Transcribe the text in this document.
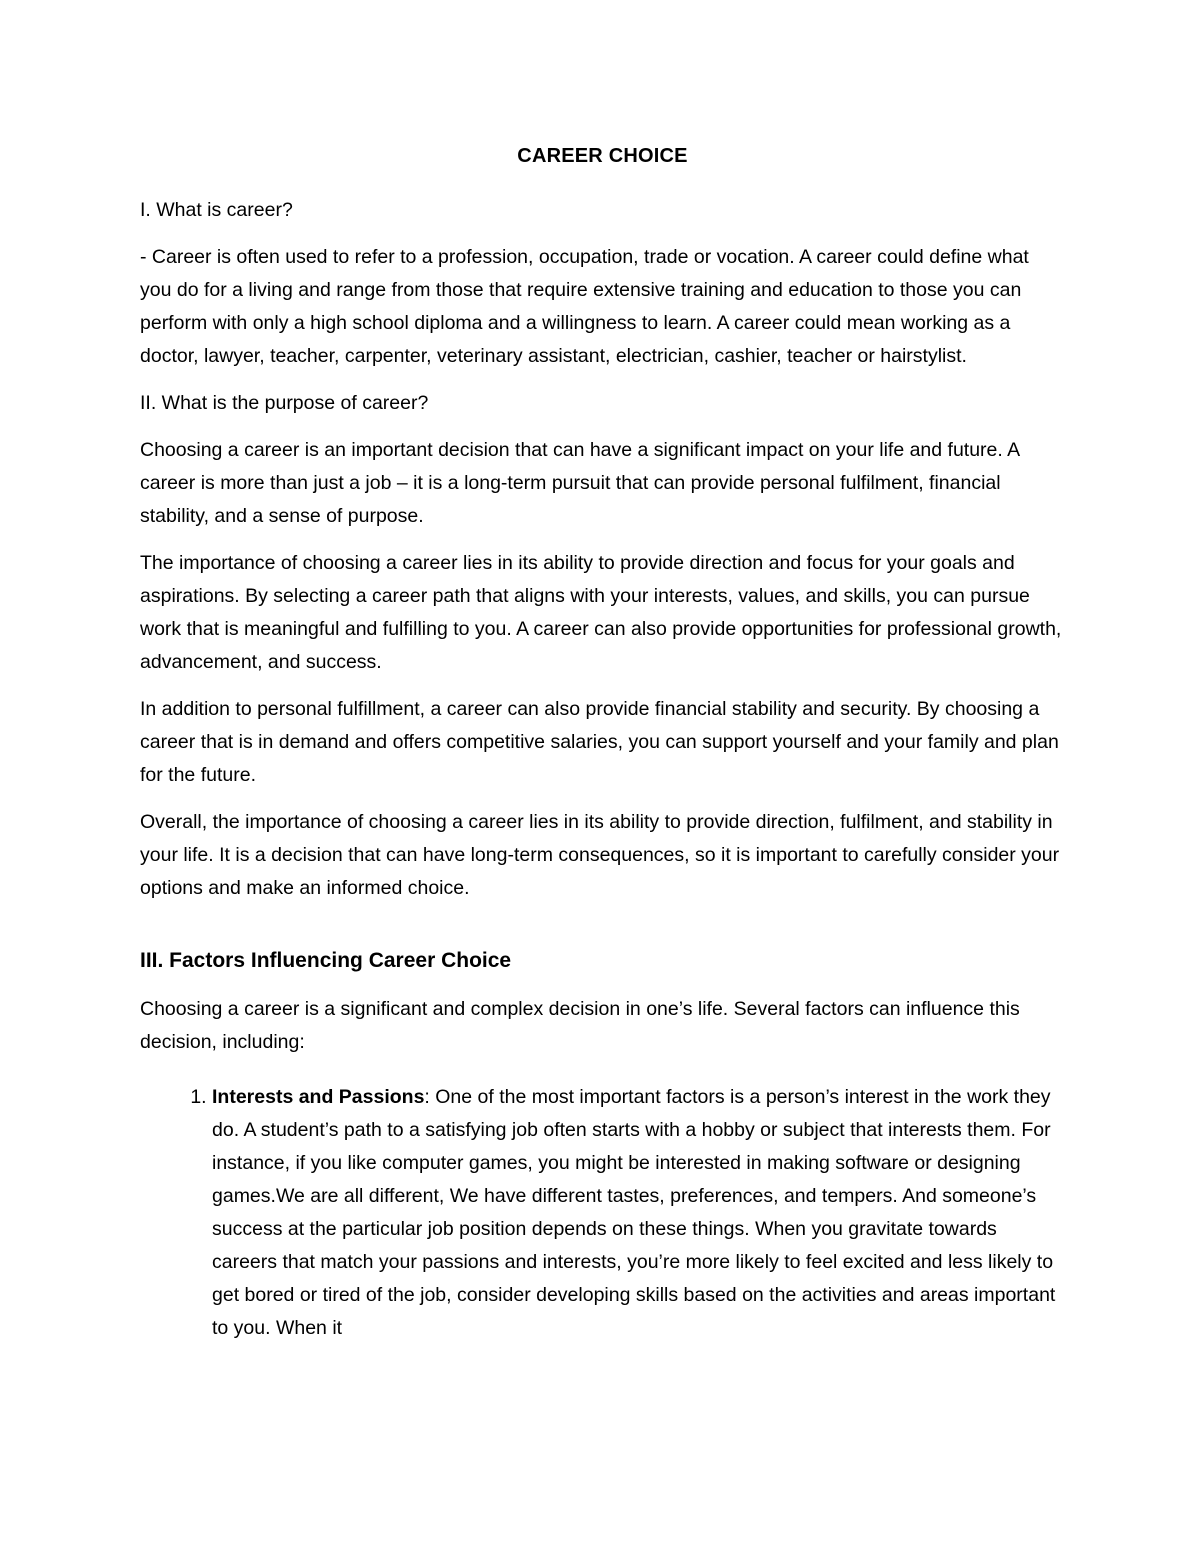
CAREER CHOICE

I. What is career?

- Career is often used to refer to a profession, occupation, trade or vocation. A career could define what you do for a living and range from those that require extensive training and education to those you can perform with only a high school diploma and a willingness to learn. A career could mean working as a doctor, lawyer, teacher, carpenter, veterinary assistant, electrician, cashier, teacher or hairstylist.

II. What is the purpose of career?

Choosing a career is an important decision that can have a significant impact on your life and future. A career is more than just a job – it is a long-term pursuit that can provide personal fulfilment, financial stability, and a sense of purpose.

The importance of choosing a career lies in its ability to provide direction and focus for your goals and aspirations. By selecting a career path that aligns with your interests, values, and skills, you can pursue work that is meaningful and fulfilling to you. A career can also provide opportunities for professional growth, advancement, and success.

In addition to personal fulfillment, a career can also provide financial stability and security. By choosing a career that is in demand and offers competitive salaries, you can support yourself and your family and plan for the future.

Overall, the importance of choosing a career lies in its ability to provide direction, fulfilment, and stability in your life. It is a decision that can have long-term consequences, so it is important to carefully consider your options and make an informed choice.

III. Factors Influencing Career Choice

Choosing a career is a significant and complex decision in one’s life. Several factors can influence this decision, including:

1. Interests and Passions: One of the most important factors is a person’s interest in the work they do. A student’s path to a satisfying job often starts with a hobby or subject that interests them. For instance, if you like computer games, you might be interested in making software or designing games.We are all different, We have different tastes, preferences, and tempers. And someone’s success at the particular job position depends on these things. When you gravitate towards careers that match your passions and interests, you’re more likely to feel excited and less likely to get bored or tired of the job, consider developing skills based on the activities and areas important to you. When it
